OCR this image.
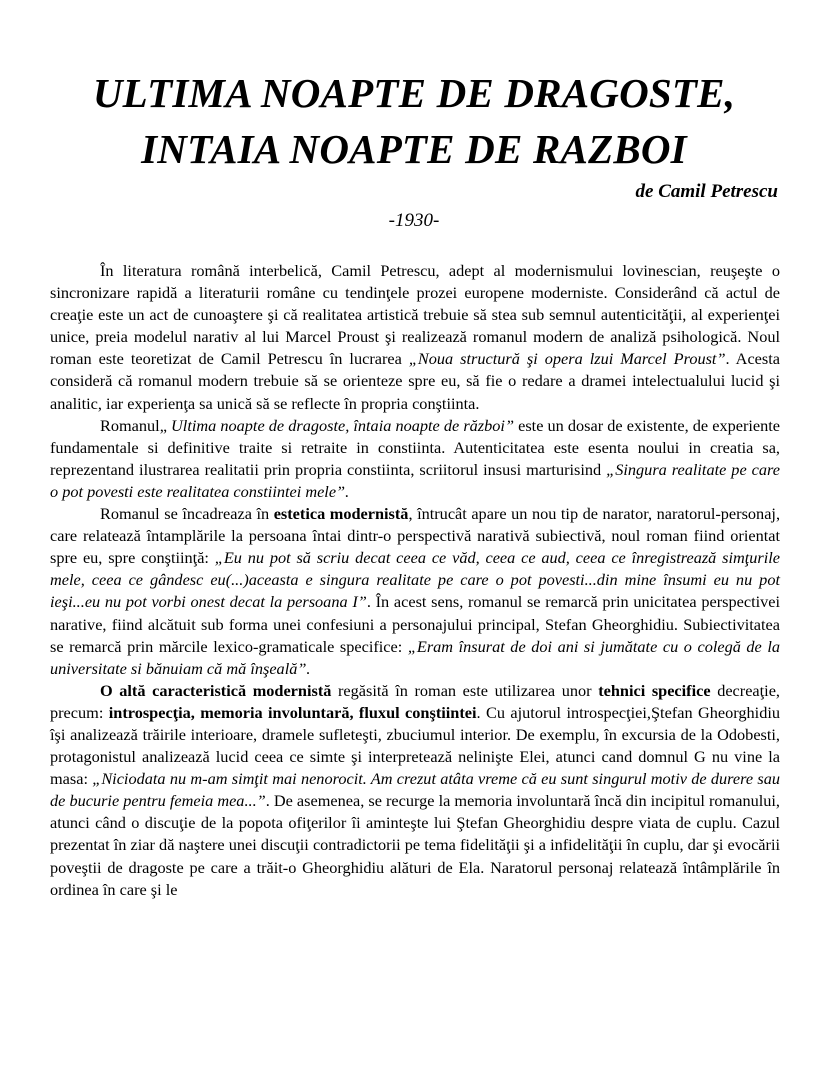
ULTIMA NOAPTE DE DRAGOSTE,
INTAIA NOAPTE DE RAZBOI
de Camil Petrescu
-1930-

În literatura română interbelică, Camil Petrescu, adept al modernismului lovinescian, reuşeşte o sincronizare rapidă a literaturii române cu tendinţele prozei europene moderniste. Considerând că actul de creaţie este un act de cunoaştere şi că realitatea artistică trebuie să stea sub semnul autenticităţii, al experienţei unice, preia modelul narativ al lui Marcel Proust şi realizează romanul modern de analiză psihologică. Noul roman este teoretizat de Camil Petrescu în lucrarea „Noua structură şi opera lzui Marcel Proust”. Acesta consideră că romanul modern trebuie să se orienteze spre eu, să fie o redare a dramei intelectualului lucid şi analitic, iar experienţa sa unică să se reflecte în propria conştiinta.

Romanul„ Ultima noapte de dragoste, întaia noapte de război” este un dosar de existente, de experiente fundamentale si definitive traite si retraite in constiinta. Autenticitatea este esenta noului in creatia sa, reprezentand ilustrarea realitatii prin propria constiinta, scriitorul insusi marturisind „Singura realitate pe care o pot povesti este realitatea constiintei mele”.

Romanul se încadreaza în estetica modernistă, întrucât apare un nou tip de narator, naratorul-personaj, care relatează întamplările la persoana întai dintr-o perspectivă narativă subiectivă, noul roman fiind orientat spre eu, spre conştiinţă: „Eu nu pot să scriu decat ceea ce văd, ceea ce aud, ceea ce înregistrează simţurile mele, ceea ce gândesc eu(...)aceasta e singura realitate pe care o pot povesti...din mine însumi eu nu pot ieşi...eu nu pot vorbi onest decat la persoana I”. În acest sens, romanul se remarcă prin unicitatea perspectivei narative, fiind alcătuit sub forma unei confesiuni a personajului principal, Stefan Gheorghidiu. Subiectivitatea se remarcă prin mărcile lexico-gramaticale specifice: „Eram însurat de doi ani si jumătate cu o colegă de la universitate si bănuiam că mă înşeală”.

O altă caracteristică modernistă regăsită în roman este utilizarea unor tehnici specifice decreaţie, precum: introspecţia, memoria involuntară, fluxul conştiintei. Cu ajutorul introspecţiei,Ştefan Gheorghidiu îşi analizează trăirile interioare, dramele sufleteşti, zbuciumul interior. De exemplu, în excursia de la Odobesti, protagonistul analizează lucid ceea ce simte şi interpretează nelinişte Elei, atunci cand domnul G nu vine la masa: „Niciodata nu m-am simţit mai nenorocit. Am crezut atâta vreme că eu sunt singurul motiv de durere sau de bucurie pentru femeia mea...”. De asemenea, se recurge la memoria involuntară încă din incipitul romanului, atunci când o discuţie de la popota ofiţerilor îi aminteşte lui Ştefan Gheorghidiu despre viata de cuplu. Cazul prezentat în ziar dă naştere unei discuţii contradictorii pe tema fidelităţii şi a infidelităţii în cuplu, dar şi evocării poveştii de dragoste pe care a trăit-o Gheorghidiu alături de Ela. Naratorul personaj relatează întâmplările în ordinea în care şi le
